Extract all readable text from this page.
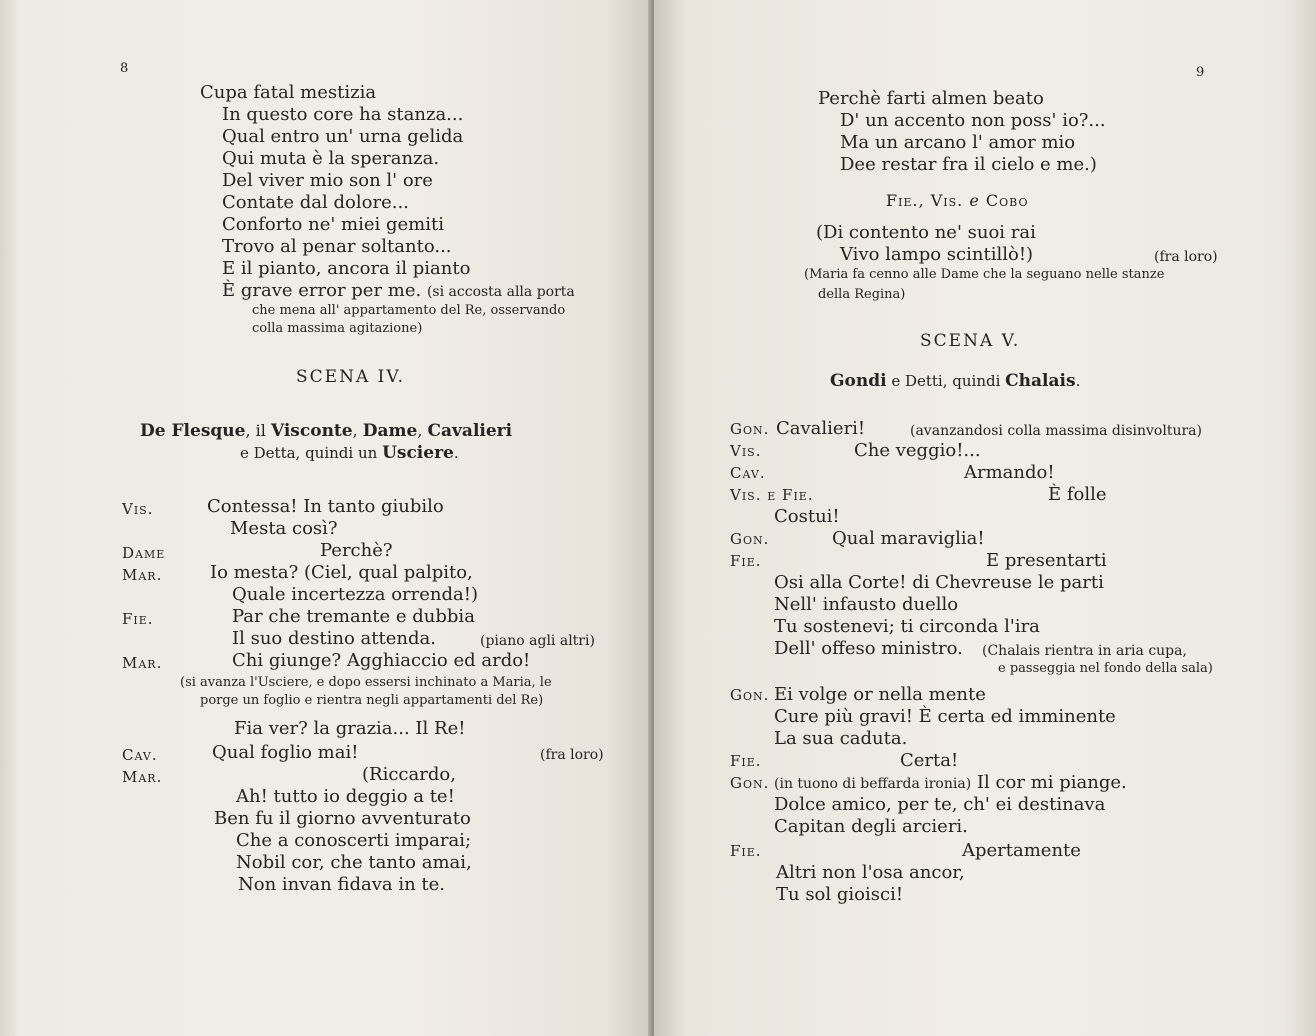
8
Cupa fatal mestizia
In questo core ha stanza...
Qual entro un' urna gelida
Qui muta è la speranza.
Del viver mio son l' ore
Contate dal dolore...
Conforto ne' miei gemiti
Trovo al penar soltanto...
E il pianto, ancora il pianto
È grave error per me. (si accosta alla porta
che mena all' appartamento del Re, osservando
colla massima agitazione)
SCENA IV.
De Flesque, il Visconte, Dame, Cavalieri
e Detta, quindi un Usciere.
Vis.	Contessa! In tanto giubilo
Mesta così?
Dame	Perchè?
Mar.	Io mesta? (Ciel, qual palpito,
Quale incertezza orrenda!)
Fie.	Par che tremante e dubbia
Il suo destino attenda.	(piano agli altri)
Mar.	Chi giunge? Agghiaccio ed ardo!
(si avanza l'Usciere, e dopo essersi inchinato a Maria, le
porge un foglio e rientra negli appartamenti del Re)
Fia ver? la grazia... Il Re!
Cav.	Qual foglio mai!	(fra loro)
Mar.	(Riccardo,
Ah! tutto io deggio a te!
Ben fu il giorno avventurato
Che a conoscerti imparai;
Nobil cor, che tanto amai,
Non invan fidava in te.
9
Perchè farti almen beato
D' un accento non poss' io?...
Ma un arcano l' amor mio
Dee restar fra il cielo e me.)
Fie., Vis. e Cobo
(Di contento ne' suoi rai
Vivo lampo scintillò!)	(fra loro)
(Maria fa cenno alle Dame che la seguano nelle stanze
della Regina)
SCENA V.
Gondi e Detti, quindi Chalais.
Gon. Cavalieri!	(avanzandosi colla massima disinvoltura)
Vis.	Che veggio!...
Cav.	Armando!
Vis. e Fie.	È folle
Costui!
Gon.	Qual maraviglia!
Fie.	E presentarti
Osi alla Corte! di Chevreuse le parti
Nell' infausto duello
Tu sostenevi; ti circonda l'ira
Dell' offeso ministro. (Chalais rientra in aria cupa,
e passeggia nel fondo della sala)
Gon. Ei volge or nella mente
Cure più gravi! È certa ed imminente
La sua caduta.
Fie.	Certa!
Gon. (in tuono di beffarda ironia) Il cor mi piange.
Dolce amico, per te, ch' ei destinava
Capitan degli arcieri.
Fie.	Apertamente
Altri non l'osa ancor,
Tu sol gioisci!
